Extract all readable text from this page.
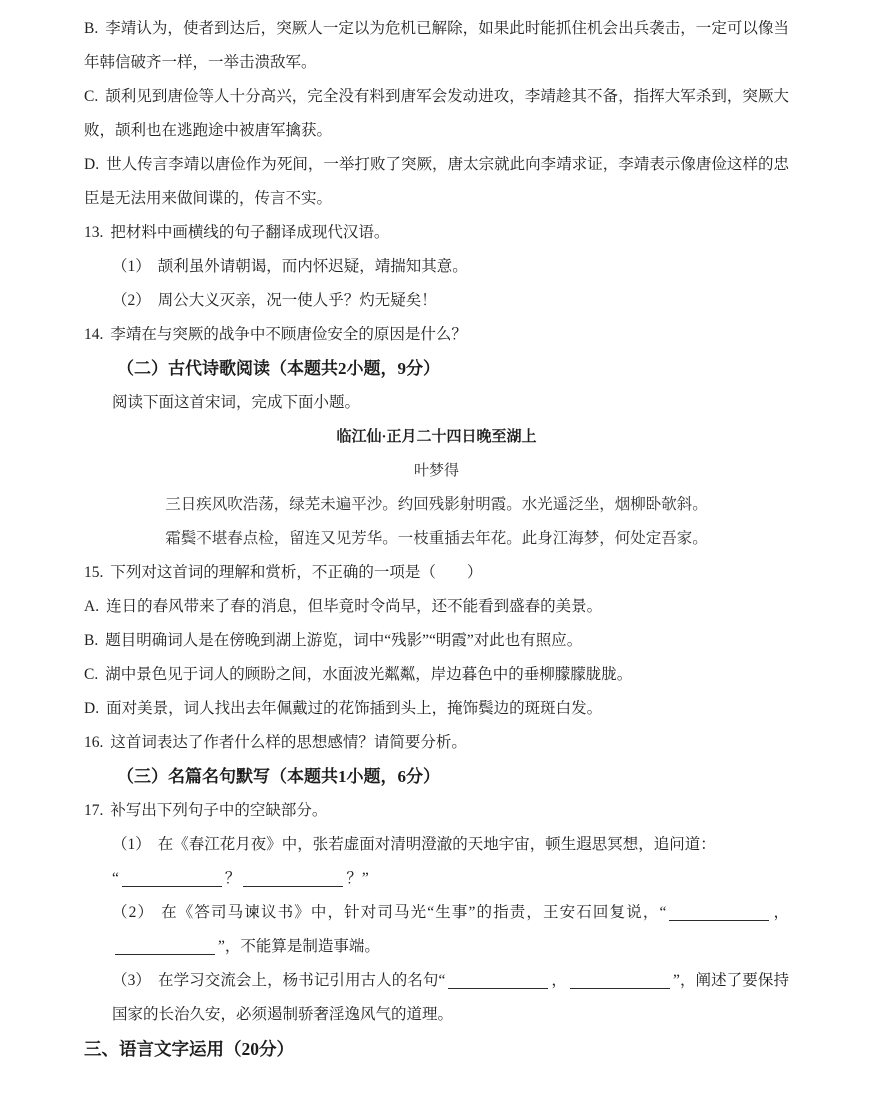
B. 李靖认为，使者到达后，突厥人一定以为危机已解除，如果此时能抓住机会出兵袭击，一定可以像当年韩信破齐一样，一举击溃敌军。

C. 颉利见到唐俭等人十分高兴，完全没有料到唐军会发动进攻，李靖趁其不备，指挥大军杀到，突厥大败，颉利也在逃跑途中被唐军擒获。

D. 世人传言李靖以唐俭作为死间，一举打败了突厥，唐太宗就此向李靖求证，李靖表示像唐俭这样的忠臣是无法用来做间谍的，传言不实。

13. 把材料中画横线的句子翻译成现代汉语。

（1） 颉利虽外请朝谒，而内怀迟疑，靖揣知其意。

（2） 周公大义灭亲，况一使人乎？灼无疑矣！

14. 李靖在与突厥的战争中不顾唐俭安全的原因是什么？

（二）古代诗歌阅读（本题共2小题，9分）

阅读下面这首宋词，完成下面小题。

临江仙·正月二十四日晚至湖上

叶梦得

三日疾风吹浩荡，绿芜未遍平沙。约回残影射明霞。水光遥泛坐，烟柳卧欹斜。

霜鬓不堪春点检，留连又见芳华。一枝重插去年花。此身江海梦，何处定吾家。

15. 下列对这首词的理解和赏析，不正确的一项是（　　）

A. 连日的春风带来了春的消息，但毕竟时令尚早，还不能看到盛春的美景。

B. 题目明确词人是在傍晚到湖上游览，词中“残影”“明霞”对此也有照应。

C. 湖中景色见于词人的顾盼之间，水面波光粼粼，岸边暮色中的垂柳朦朦胧胧。

D. 面对美景，词人找出去年佩戴过的花饰插到头上，掩饰鬓边的斑斑白发。

16. 这首词表达了作者什么样的思想感情？请简要分析。

（三）名篇名句默写（本题共1小题，6分）

17. 补写出下列句子中的空缺部分。

（1） 在《春江花月夜》中，张若虚面对清明澄澈的天地宇宙，顿生遐思冥想，追问道：

“	？	？”

（2） 在《答司马谏议书》中，针对司马光“生事”的指责，王安石回复说，“	，”，不能算是制造事端。

（3） 在学习交流会上，杨书记引用古人的名句“	，	”，阐述了要保持国家的长治久安，必须遏制骄奢淫逸风气的道理。

三、语言文字运用（20分）
